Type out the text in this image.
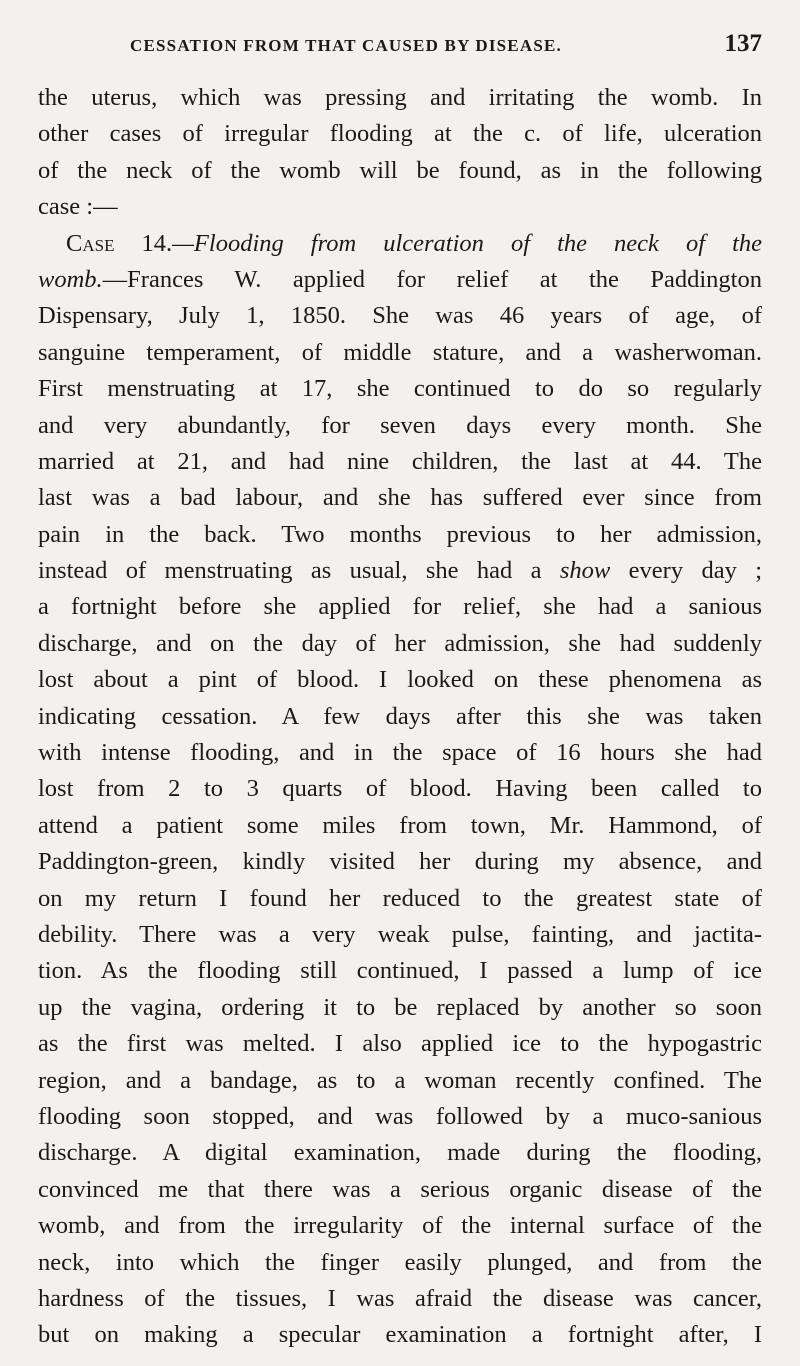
CESSATION FROM THAT CAUSED BY DISEASE.	137
the uterus, which was pressing and irritating the womb. In
other cases of irregular flooding at the c. of life, ulceration
of the neck of the womb will be found, as in the following
case :—
Case 14.—Flooding from ulceration of the neck of the
womb.—Frances W. applied for relief at the Paddington
Dispensary, July 1, 1850. She was 46 years of age, of
sanguine temperament, of middle stature, and a washerwoman.
First menstruating at 17, she continued to do so regularly
and very abundantly, for seven days every month. She
married at 21, and had nine children, the last at 44. The
last was a bad labour, and she has suffered ever since from
pain in the back. Two months previous to her admission,
instead of menstruating as usual, she had a show every day ;
a fortnight before she applied for relief, she had a sanious
discharge, and on the day of her admission, she had suddenly
lost about a pint of blood. I looked on these phenomena as
indicating cessation. A few days after this she was taken
with intense flooding, and in the space of 16 hours she had
lost from 2 to 3 quarts of blood. Having been called to
attend a patient some miles from town, Mr. Hammond, of
Paddington-green, kindly visited her during my absence, and
on my return I found her reduced to the greatest state of
debility. There was a very weak pulse, fainting, and jactita-
tion. As the flooding still continued, I passed a lump of ice
up the vagina, ordering it to be replaced by another so soon
as the first was melted. I also applied ice to the hypogastric
region, and a bandage, as to a woman recently confined. The
flooding soon stopped, and was followed by a muco-sanious
discharge. A digital examination, made during the flooding,
convinced me that there was a serious organic disease of the
womb, and from the irregularity of the internal surface of the
neck, into which the finger easily plunged, and from the
hardness of the tissues, I was afraid the disease was cancer,
but on making a specular examination a fortnight after, I
